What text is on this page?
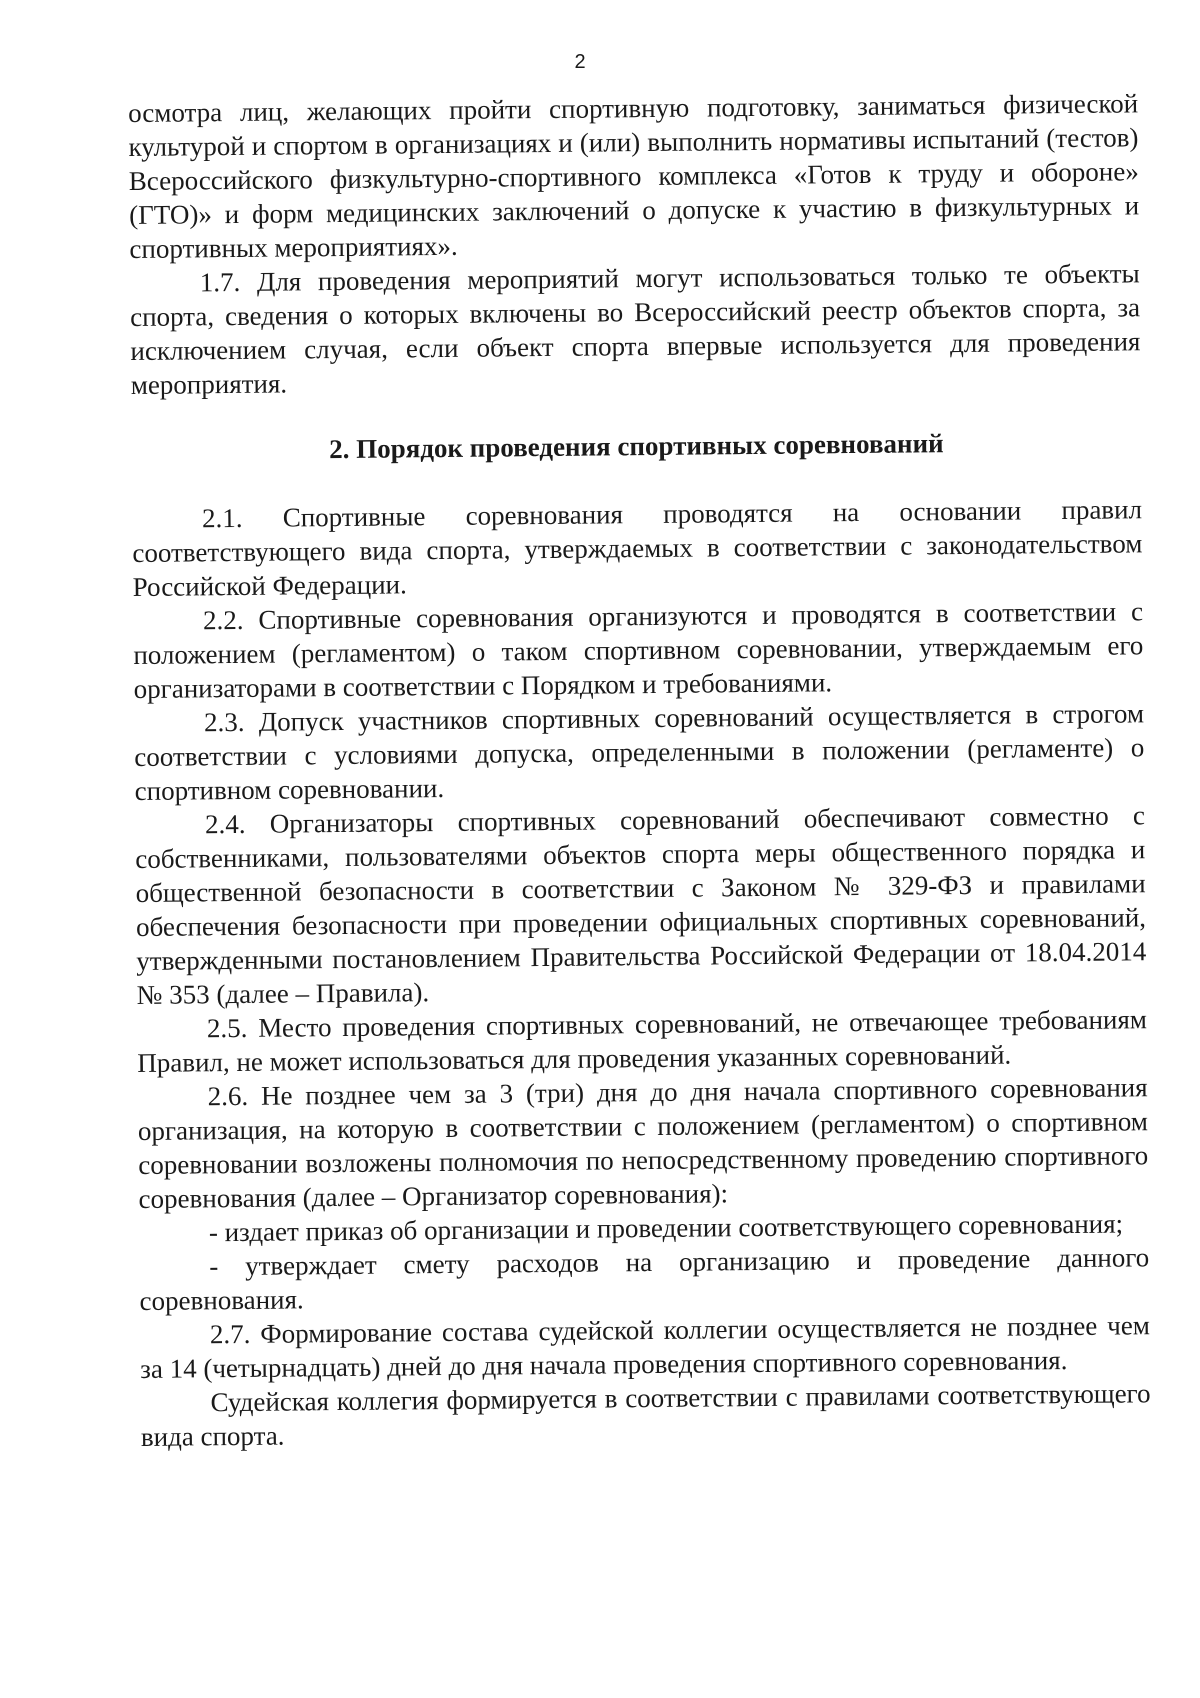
2

осмотра лиц, желающих пройти спортивную подготовку, заниматься физической культурой и спортом в организациях и (или) выполнить нормативы испытаний (тестов) Всероссийского физкультурно-спортивного комплекса «Готов к труду и обороне» (ГТО)» и форм медицинских заключений о допуске к участию в физкультурных и спортивных мероприятиях».

1.7. Для проведения мероприятий могут использоваться только те объекты спорта, сведения о которых включены во Всероссийский реестр объектов спорта, за исключением случая, если объект спорта впервые используется для проведения мероприятия.

2. Порядок проведения спортивных соревнований

2.1. Спортивные соревнования проводятся на основании правил соответствующего вида спорта, утверждаемых в соответствии с законодательством Российской Федерации.

2.2. Спортивные соревнования организуются и проводятся в соответствии с положением (регламентом) о таком спортивном соревновании, утверждаемым его организаторами в соответствии с Порядком и требованиями.

2.3. Допуск участников спортивных соревнований осуществляется в строгом соответствии с условиями допуска, определенными в положении (регламенте) о спортивном соревновании.

2.4. Организаторы спортивных соревнований обеспечивают совместно с собственниками, пользователями объектов спорта меры общественного порядка и общественной безопасности в соответствии с Законом № 329-ФЗ и правилами обеспечения безопасности при проведении официальных спортивных соревнований, утвержденными постановлением Правительства Российской Федерации от 18.04.2014 № 353 (далее – Правила).

2.5. Место проведения спортивных соревнований, не отвечающее требованиям Правил, не может использоваться для проведения указанных соревнований.

2.6. Не позднее чем за 3 (три) дня до дня начала спортивного соревнования организация, на которую в соответствии с положением (регламентом) о спортивном соревновании возложены полномочия по непосредственному проведению спортивного соревнования (далее – Организатор соревнования):

- издает приказ об организации и проведении соответствующего соревнования;

- утверждает смету расходов на организацию и проведение данного соревнования.

2.7. Формирование состава судейской коллегии осуществляется не позднее чем за 14 (четырнадцать) дней до дня начала проведения спортивного соревнования.

Судейская коллегия формируется в соответствии с правилами соответствующего вида спорта.
